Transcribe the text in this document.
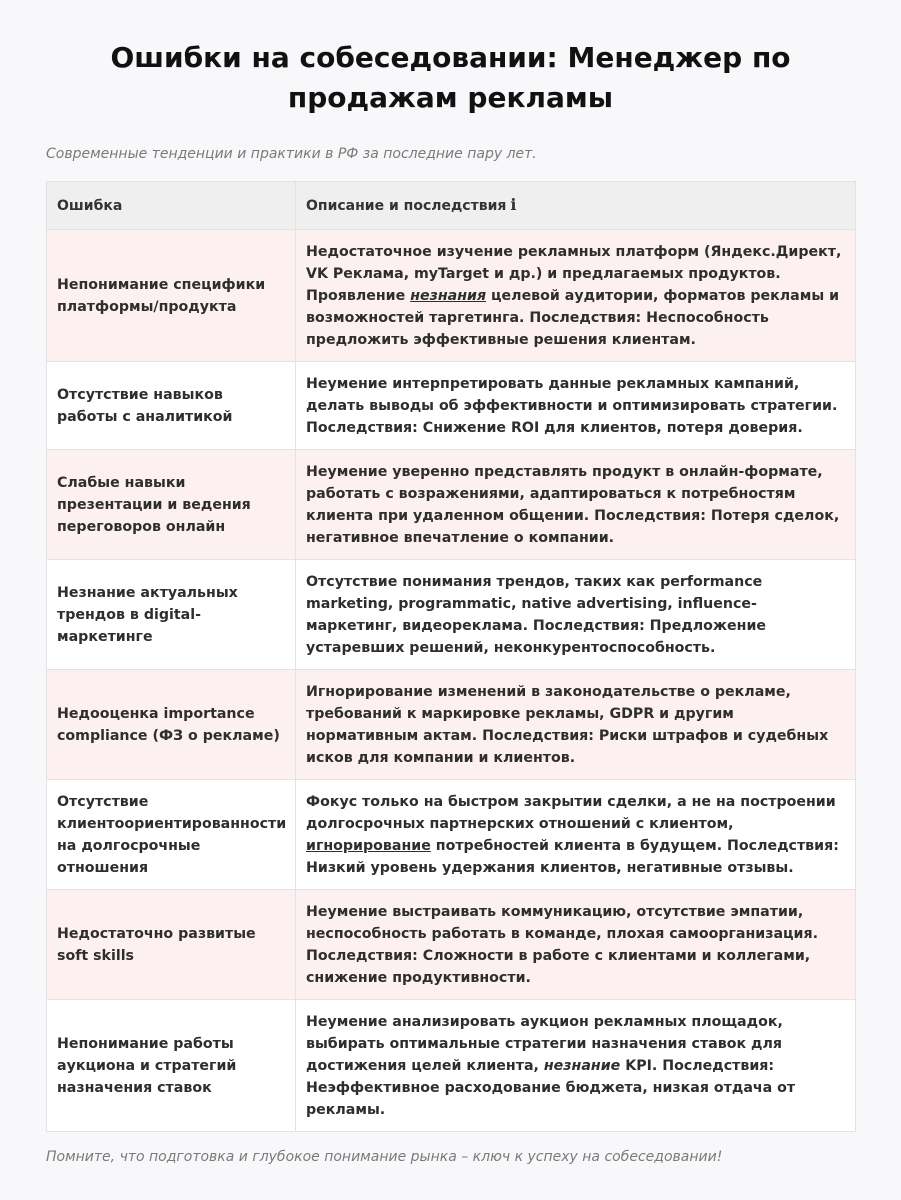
Ошибки на собеседовании: Менеджер по
продажам рекламы
Современные тенденции и практики в РФ за последние пару лет.
Ошибка	Описание и последствия i
Непонимание специфики платформы/продукта	Недостаточное изучение рекламных платформ (Яндекс.Директ, VK Реклама, myTarget и др.) и предлагаемых продуктов. Проявление незнания целевой аудитории, форматов рекламы и возможностей таргетинга. Последствия: Неспособность предложить эффективные решения клиентам.
Отсутствие навыков работы с аналитикой	Неумение интерпретировать данные рекламных кампаний, делать выводы об эффективности и оптимизировать стратегии. Последствия: Снижение ROI для клиентов, потеря доверия.
Слабые навыки презентации и ведения переговоров онлайн	Неумение уверенно представлять продукт в онлайн-формате, работать с возражениями, адаптироваться к потребностям клиента при удаленном общении. Последствия: Потеря сделок, негативное впечатление о компании.
Незнание актуальных трендов в digital-маркетинге	Отсутствие понимания трендов, таких как performance marketing, programmatic, native advertising, influence-маркетинг, видеореклама. Последствия: Предложение устаревших решений, неконкурентоспособность.
Недооценка importance compliance (ФЗ о рекламе)	Игнорирование изменений в законодательстве о рекламе, требований к маркировке рекламы, GDPR и другим нормативным актам. Последствия: Риски штрафов и судебных исков для компании и клиентов.
Отсутствие клиентоориентированности на долгосрочные отношения	Фокус только на быстром закрытии сделки, а не на построении долгосрочных партнерских отношений с клиентом, игнорирование потребностей клиента в будущем. Последствия: Низкий уровень удержания клиентов, негативные отзывы.
Недостаточно развитые soft skills	Неумение выстраивать коммуникацию, отсутствие эмпатии, неспособность работать в команде, плохая самоорганизация. Последствия: Сложности в работе с клиентами и коллегами, снижение продуктивности.
Непонимание работы аукциона и стратегий назначения ставок	Неумение анализировать аукцион рекламных площадок, выбирать оптимальные стратегии назначения ставок для достижения целей клиента, незнание KPI. Последствия: Неэффективное расходование бюджета, низкая отдача от рекламы.
Помните, что подготовка и глубокое понимание рынка – ключ к успеху на собеседовании!
